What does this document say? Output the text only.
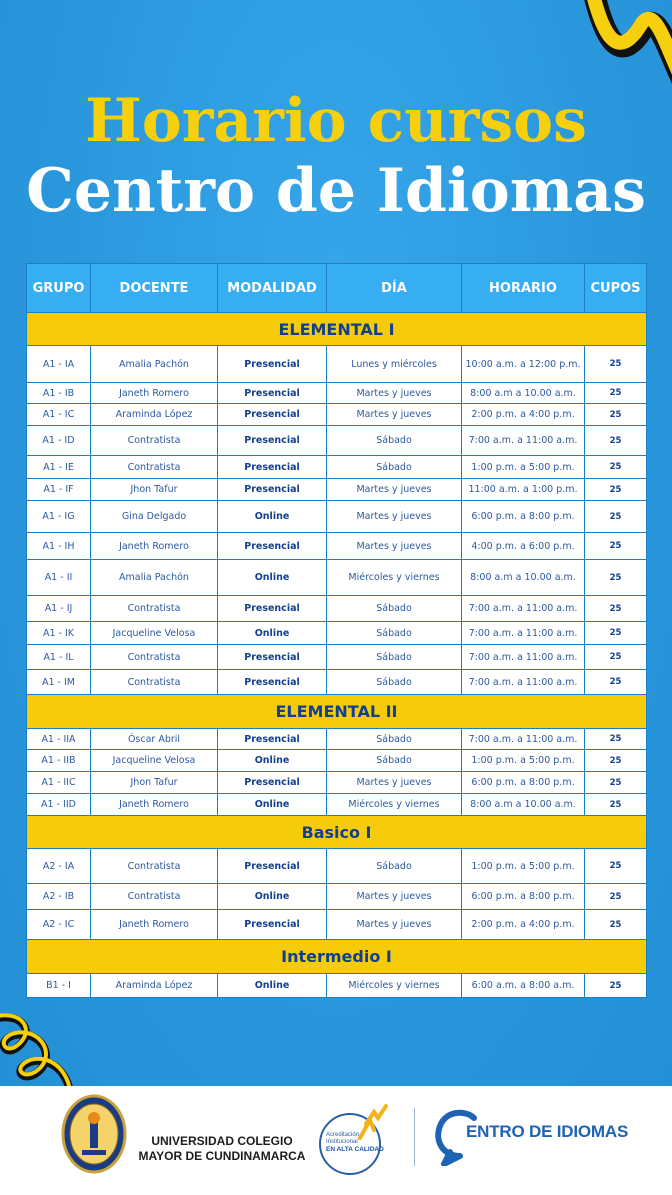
Horario cursos
Centro de Idiomas
GRUPO	DOCENTE	MODALIDAD	DÍA	HORARIO	CUPOS
ELEMENTAL I					
A1 - IA	Amalia Pachón	Presencial	Lunes y miércoles	10:00 a.m. a 12:00 p.m.	25
A1 - IB	Janeth Romero	Presencial	Martes y jueves	8:00 a.m a 10.00 a.m.	25
A1 - IC	Araminda López	Presencial	Martes y jueves	2:00 p.m. a 4:00 p.m.	25
A1 - ID	Contratista	Presencial	Sábado	7:00 a.m. a 11:00 a.m.	25
A1 - IE	Contratista	Presencial	Sábado	1:00 p.m. a 5:00 p.m.	25
A1 - IF	Jhon Tafur	Presencial	Martes y jueves	11:00 a.m. a 1:00 p.m.	25
A1 - IG	Gina Delgado	Online	Martes y jueves	6:00 p.m. a 8:00 p.m.	25
A1 - IH	Janeth Romero	Presencial	Martes y jueves	4:00 p.m. a 6:00 p.m.	25
A1 - II	Amalia Pachón	Online	Miércoles y viernes	8:00 a.m a 10.00 a.m.	25
A1 - IJ	Contratista	Presencial	Sábado	7:00 a.m. a 11:00 a.m.	25
A1 - IK	Jacqueline Velosa	Online	Sábado	7:00 a.m. a 11:00 a.m.	25
A1 - IL	Contratista	Presencial	Sábado	7:00 a.m. a 11:00 a.m.	25
A1 - IM	Contratista	Presencial	Sábado	7:00 a.m. a 11:00 a.m.	25
ELEMENTAL II					
A1 - IIA	Óscar Abril	Presencial	Sábado	7:00 a.m. a 11:00 a.m.	25
A1 - IIB	Jacqueline Velosa	Online	Sábado	1:00 p.m. a 5:00 p.m.	25
A1 - IIC	Jhon Tafur	Presencial	Martes y jueves	6:00 p.m. a 8:00 p.m.	25
A1 - IID	Janeth Romero	Online	Miércoles y viernes	8:00 a.m a 10.00 a.m.	25
Basico I					
A2 - IA	Contratista	Presencial	Sábado	1:00 p.m. a 5:00 p.m.	25
A2 - IB	Contratista	Online	Martes y jueves	6:00 p.m. a 8:00 p.m.	25
A2 - IC	Janeth Romero	Presencial	Martes y jueves	2:00 p.m. a 4:00 p.m.	25
Intermedio I					
B1 - I	Araminda López	Online	Miércoles y viernes	6:00 a.m. a 8:00 a.m.	25
UNIVERSIDAD COLEGIO
MAYOR DE CUNDINAMARCA
Acreditación
Institucional
EN ALTA CALIDAD
ENTRO DE IDIOMAS
